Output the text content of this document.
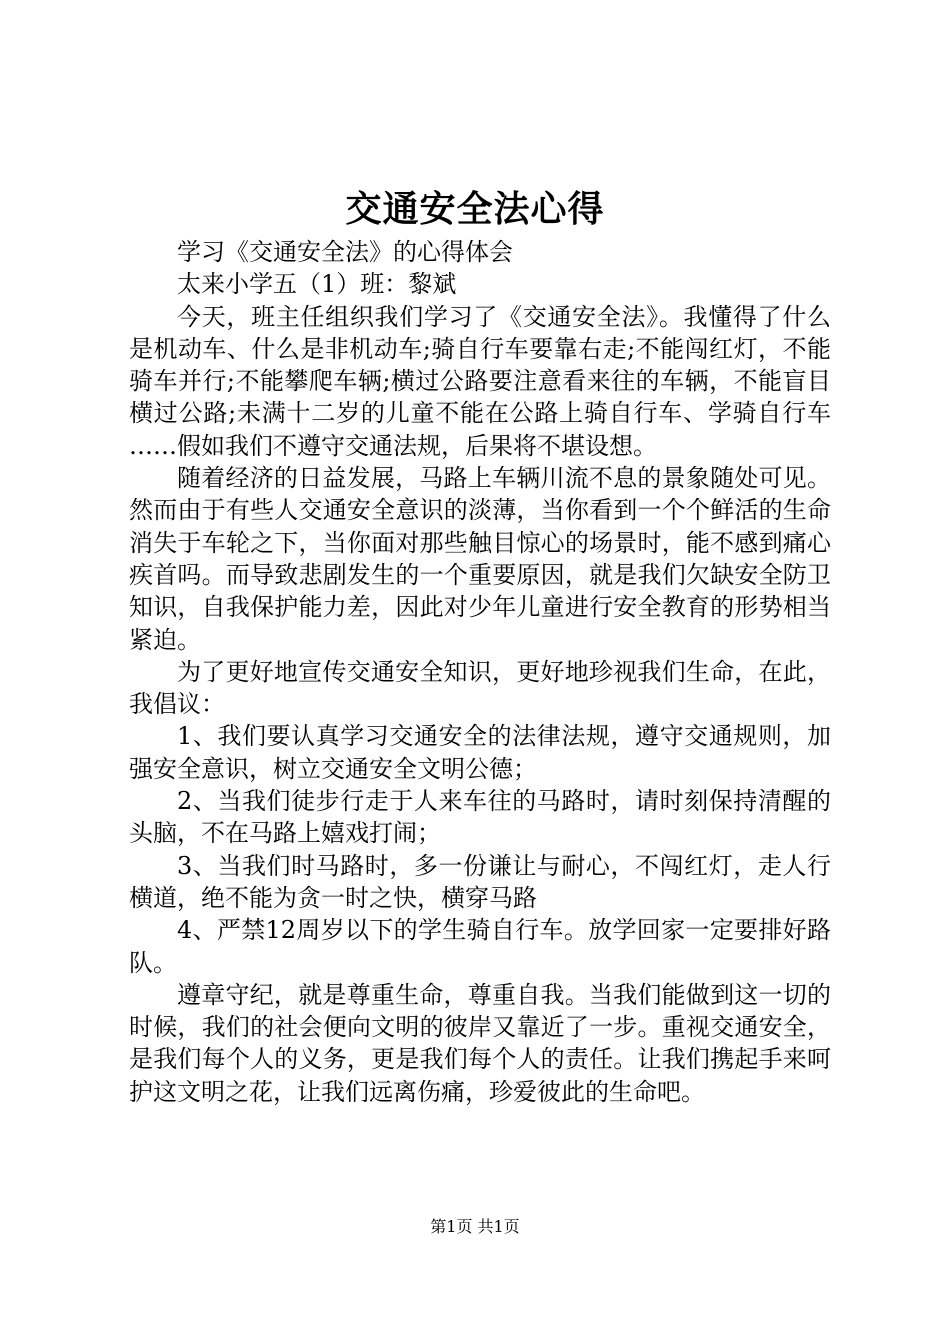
交通安全法心得

学习《交通安全法》的心得体会

太来小学五（1）班：黎斌

今天，班主任组织我们学习了《交通安全法》。我懂得了什么是机动车、什么是非机动车;骑自行车要靠右走;不能闯红灯，不能骑车并行;不能攀爬车辆;横过公路要注意看来往的车辆，不能盲目横过公路;未满十二岁的儿童不能在公路上骑自行车、学骑自行车……假如我们不遵守交通法规，后果将不堪设想。

随着经济的日益发展，马路上车辆川流不息的景象随处可见。然而由于有些人交通安全意识的淡薄，当你看到一个个鲜活的生命消失于车轮之下，当你面对那些触目惊心的场景时，能不感到痛心疾首吗。而导致悲剧发生的一个重要原因，就是我们欠缺安全防卫知识，自我保护能力差，因此对少年儿童进行安全教育的形势相当紧迫。

为了更好地宣传交通安全知识，更好地珍视我们生命，在此，我倡议：

1、我们要认真学习交通安全的法律法规，遵守交通规则，加强安全意识，树立交通安全文明公德；

2、当我们徒步行走于人来车往的马路时，请时刻保持清醒的头脑，不在马路上嬉戏打闹；

3、当我们时马路时，多一份谦让与耐心，不闯红灯，走人行横道，绝不能为贪一时之快，横穿马路

4、严禁12周岁以下的学生骑自行车。放学回家一定要排好路队。

遵章守纪，就是尊重生命，尊重自我。当我们能做到这一切的时候，我们的社会便向文明的彼岸又靠近了一步。重视交通安全，是我们每个人的义务，更是我们每个人的责任。让我们携起手来呵护这文明之花，让我们远离伤痛，珍爱彼此的生命吧。

第1页 共1页
